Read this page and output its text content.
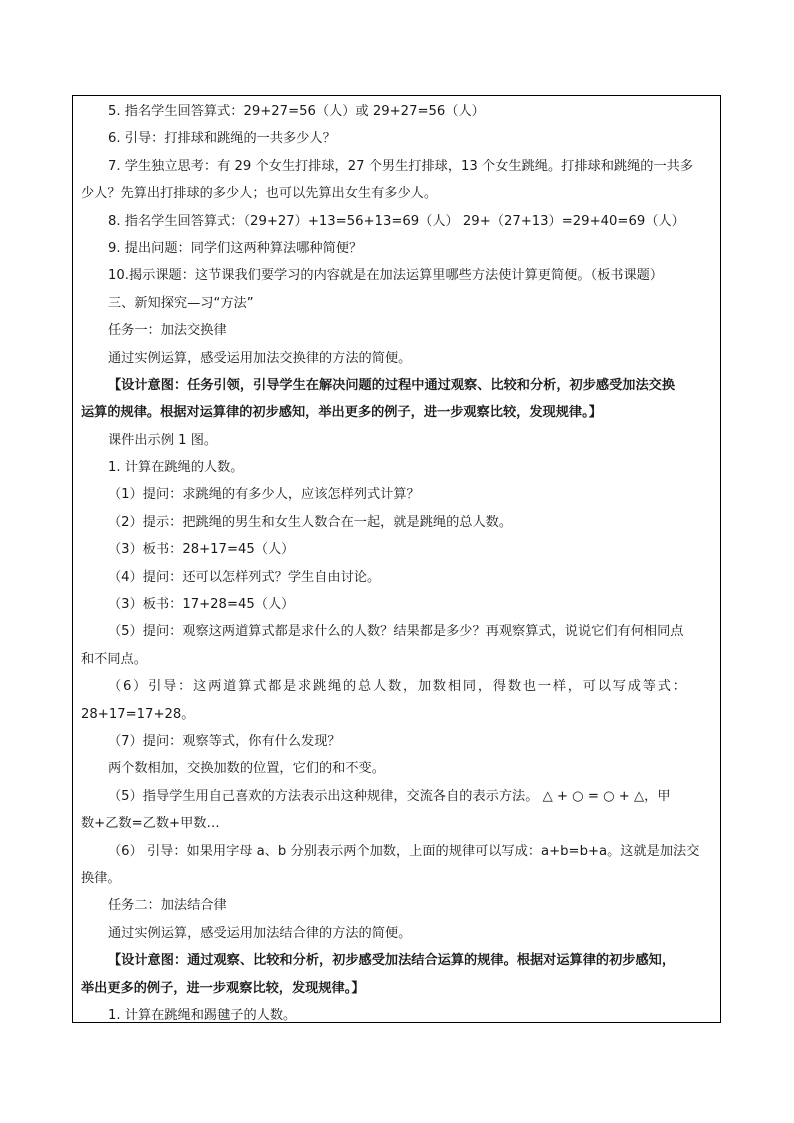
5. 指名学生回答算式：29+27=56（人）或 29+27=56（人）
6. 引导：打排球和跳绳的一共多少人？
7. 学生独立思考：有 29 个女生打排球，27 个男生打排球，13 个女生跳绳。打排球和跳绳的一共多
少人？先算出打排球的多少人；也可以先算出女生有多少人。
8. 指名学生回答算式：（29+27）+13=56+13=69（人） 29+（27+13）=29+40=69（人）
9. 提出问题：同学们这两种算法哪种简便？
10.揭示课题：这节课我们要学习的内容就是在加法运算里哪些方法使计算更简便。（板书课题）
三、新知探究—习“方法”
任务一：加法交换律
通过实例运算，感受运用加法交换律的方法的简便。
【设计意图：任务引领，引导学生在解决问题的过程中通过观察、比较和分析，初步感受加法交换
运算的规律。根据对运算律的初步感知，举出更多的例子，进一步观察比较，发现规律。】
课件出示例 1 图。
1. 计算在跳绳的人数。
（1）提问：求跳绳的有多少人，应该怎样列式计算？
（2）提示：把跳绳的男生和女生人数合在一起，就是跳绳的总人数。
（3）板书：28+17=45（人）
（4）提问：还可以怎样列式？学生自由讨论。
（3）板书：17+28=45（人）
（5）提问：观察这两道算式都是求什么的人数？结果都是多少？再观察算式，说说它们有何相同点
和不同点。
（6）引导：这两道算式都是求跳绳的总人数，加数相同，得数也一样，可以写成等式：
28+17=17+28。
（7）提问：观察等式，你有什么发现？
两个数相加，交换加数的位置，它们的和不变。
（5）指导学生用自己喜欢的方法表示出这种规律，交流各自的表示方法。 △ + ○ = ○ + △，甲
数+乙数=乙数+甲数…
（6） 引导：如果用字母 a、b 分别表示两个加数，上面的规律可以写成：a+b=b+a。这就是加法交
换律。
任务二：加法结合律
通过实例运算，感受运用加法结合律的方法的简便。
【设计意图：通过观察、比较和分析，初步感受加法结合运算的规律。根据对运算律的初步感知，
举出更多的例子，进一步观察比较，发现规律。】
1. 计算在跳绳和踢毽子的人数。
